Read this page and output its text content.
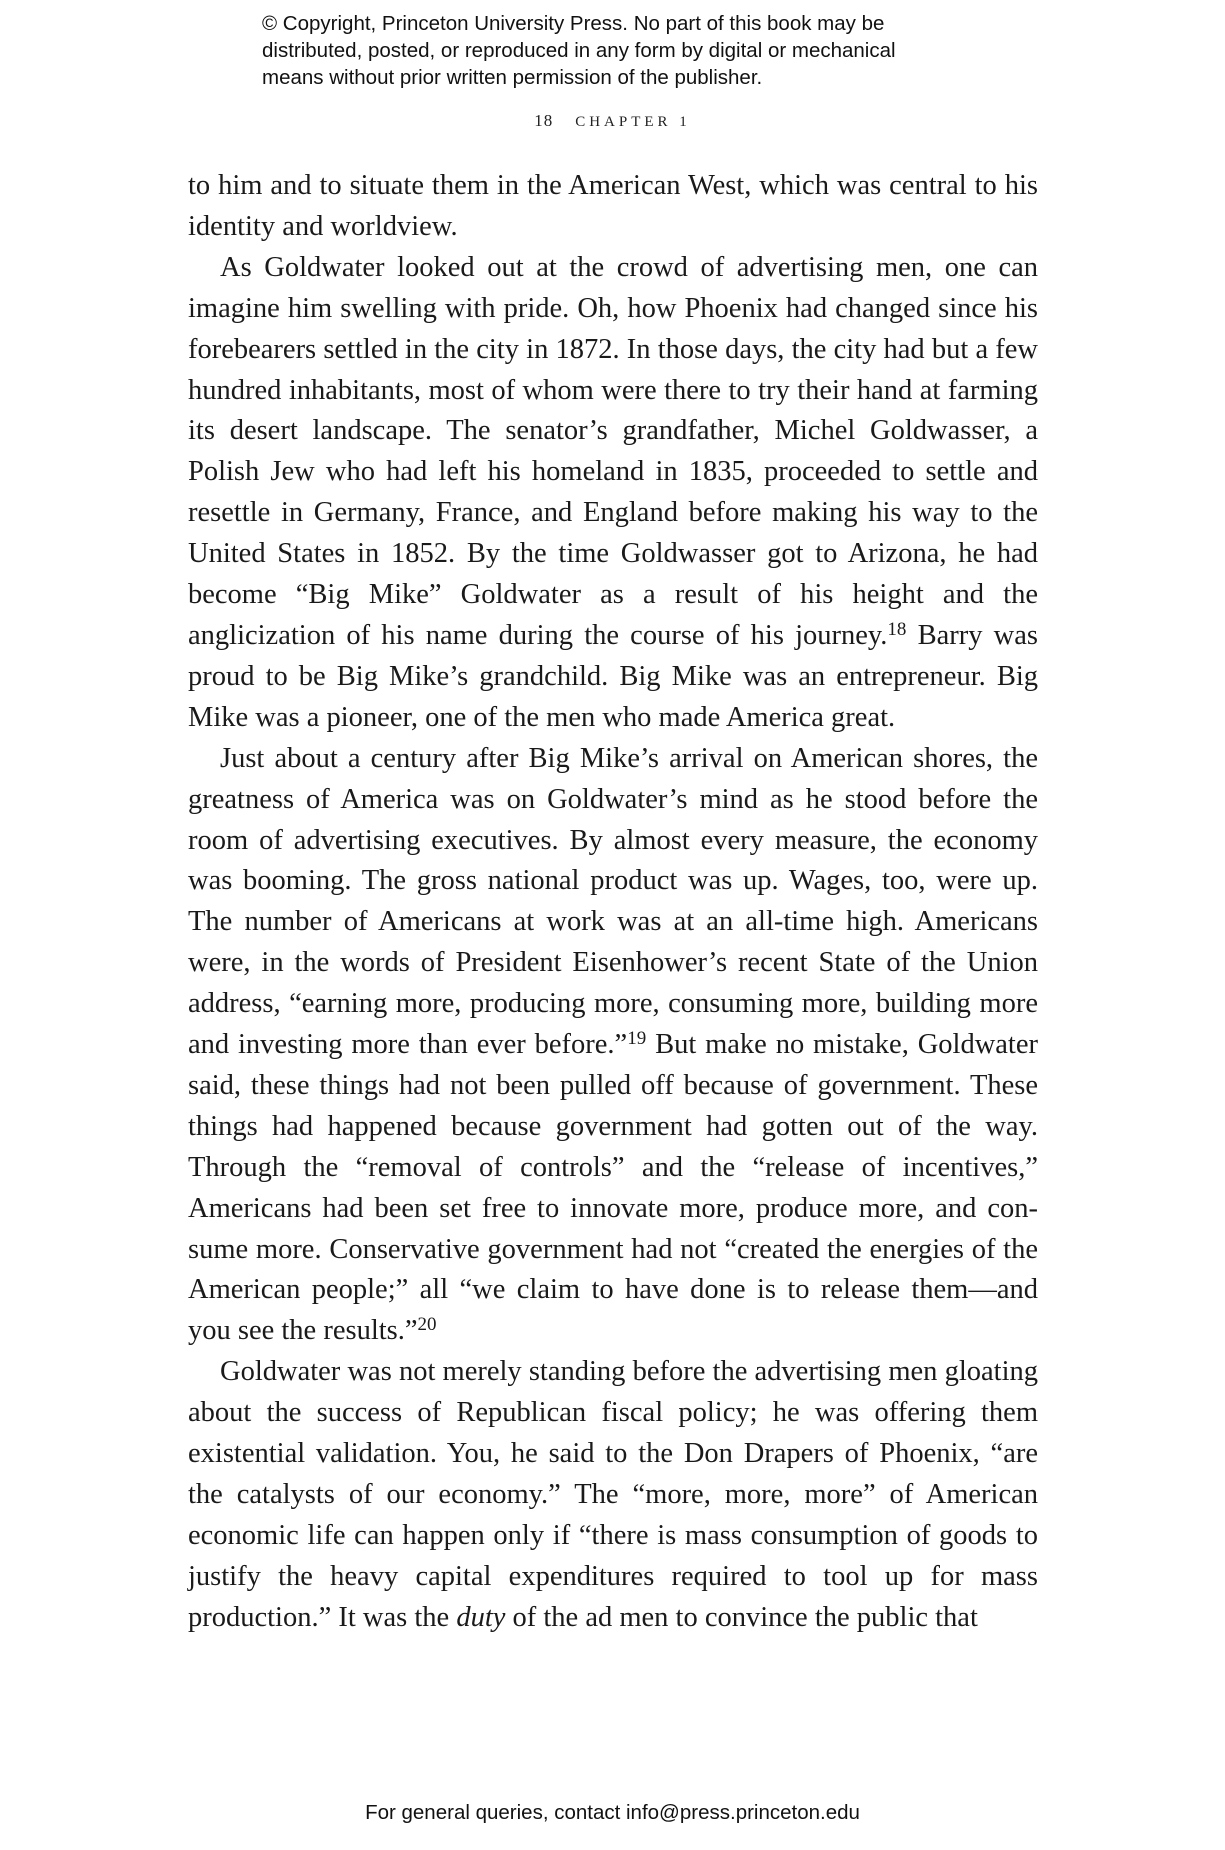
© Copyright, Princeton University Press. No part of this book may be

distributed, posted, or reproduced in any form by digital or mechanical

means without prior written permission of the publisher.

18 CHAPTER 1

to him and to situate them in the American West, which was central to his identity and worldview.

As Goldwater looked out at the crowd of advertising men, one can imagine him swelling with pride. Oh, how Phoenix had changed since his forebearers settled in the city in 1872. In those days, the city had but a few hundred inhabitants, most of whom were there to try their hand at farming its desert landscape. The senator’s grandfather, Michel Goldwasser, a Polish Jew who had left his homeland in 1835, proceeded to settle and resettle in Germany, France, and England before making his way to the United States in 1852. By the time Goldwasser got to Arizona, he had become “Big Mike” Goldwater as a result of his height and the anglicization of his name during the course of his journey.$^{18}$ Barry was proud to be Big Mike’s grandchild. Big Mike was an entrepreneur. Big Mike was a pioneer, one of the men who made America great.

Just about a century after Big Mike’s arrival on American shores, the greatness of America was on Goldwater’s mind as he stood before the room of advertising executives. By almost every measure, the economy was booming. The gross national product was up. Wages, too, were up. The number of Americans at work was at an all-time high. Americans were, in the words of President Eisenhower’s recent State of the Union address, “earning more, producing more, consuming more, building more and investing more than ever before.”$^{19}$ But make no mistake, Goldwater said, these things had not been pulled off because of government. These things had happened because government had gotten out of the way. Through the “removal of controls” and the “release of incentives,” Americans had been set free to innovate more, produce more, and consume more. Conservative government had not “created the energies of the American people;” all “we claim to have done is to release them—and you see the results.”$^{20}$

Goldwater was not merely standing before the advertising men gloating about the success of Republican fiscal policy; he was offering them existential validation. You, he said to the Don Drapers of Phoenix, “are the catalysts of our economy.” The “more, more, more” of American economic life can happen only if “there is mass consumption of goods to justify the heavy capital expenditures required to tool up for mass production.” It was the duty of the ad men to convince the public that

For general queries, contact info@press.princeton.edu
